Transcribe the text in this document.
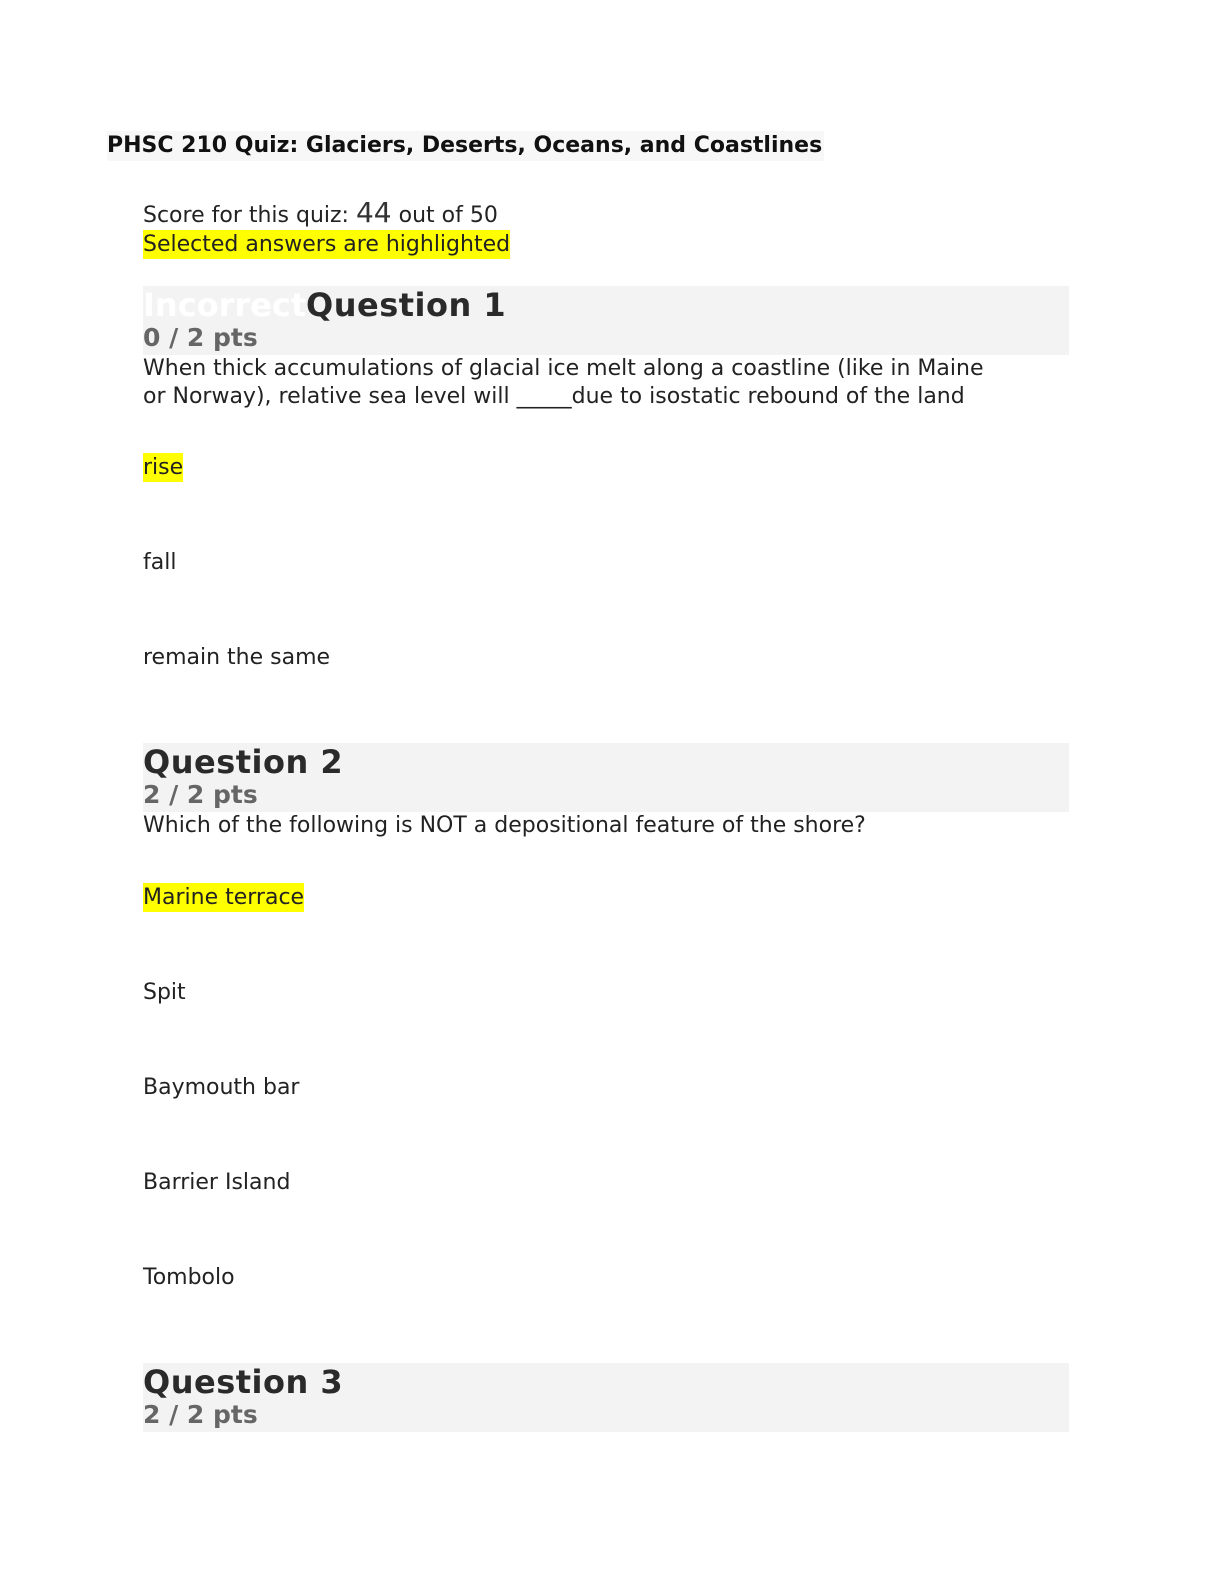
PHSC 210 Quiz: Glaciers, Deserts, Oceans, and Coastlines
Score for this quiz: 44 out of 50
Selected answers are highlighted
Incorrect Question 1
0 / 2 pts
When thick accumulations of glacial ice melt along a coastline (like in Maine
or Norway), relative sea level will _____due to isostatic rebound of the land
rise
fall
remain the same
Question 2
2 / 2 pts
Which of the following is NOT a depositional feature of the shore?
Marine terrace
Spit
Baymouth bar
Barrier Island
Tombolo
Question 3
2 / 2 pts
